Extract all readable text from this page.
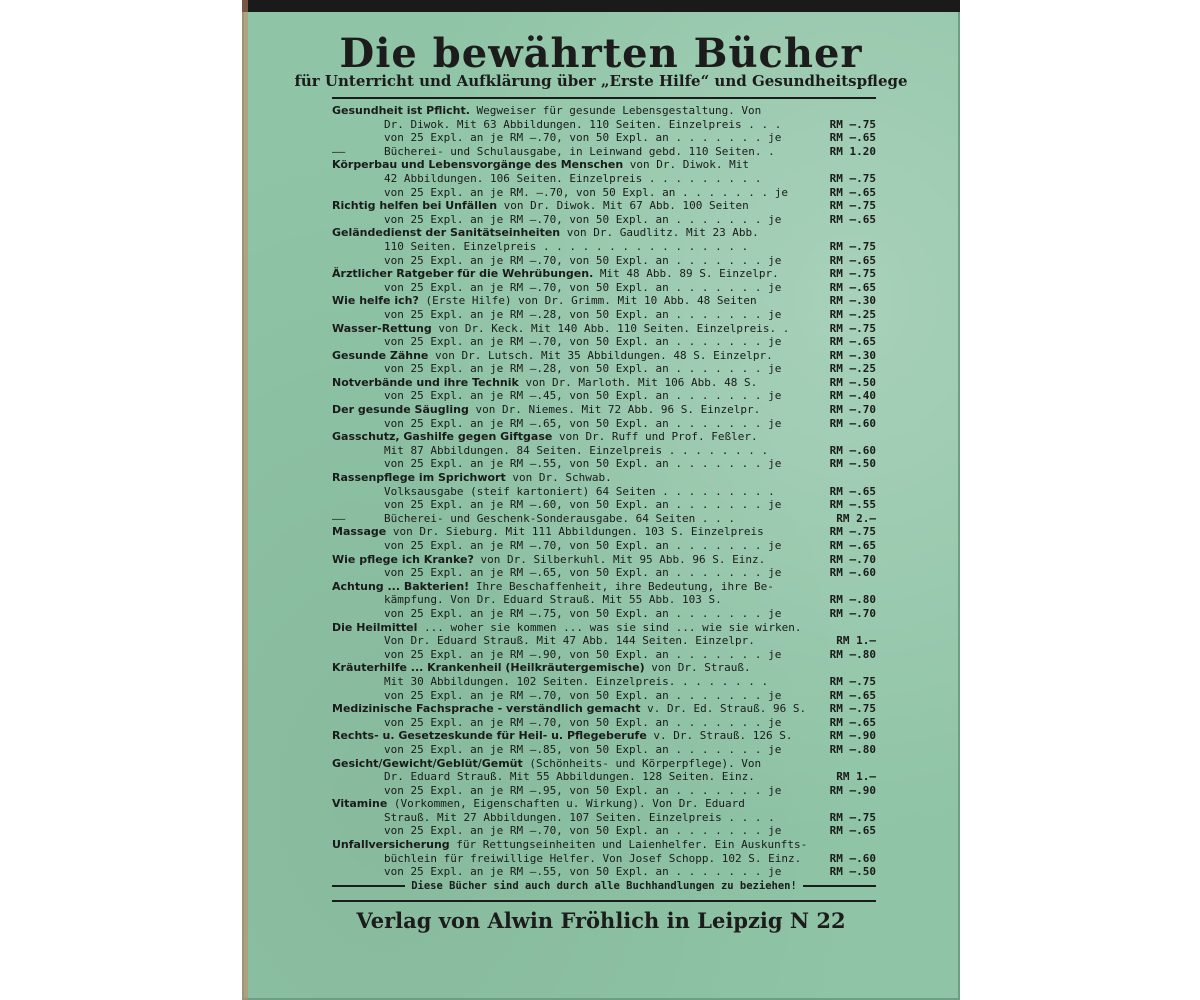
Die bewährten Bücher
für Unterricht und Aufklärung über „Erste Hilfe“ und Gesundheitspflege
Gesundheit ist Pflicht. Wegweiser für gesunde Lebensgestaltung. Von
Dr. Diwok. Mit 63 Abbildungen. 110 Seiten. Einzelpreis . . .	RM —.75
von 25 Expl. an je RM —.70, von 50 Expl. an . . . . . . . je	RM —.65
——	Bücherei- und Schulausgabe, in Leinwand gebd. 110 Seiten. .	RM 1.20
Körperbau und Lebensvorgänge des Menschen von Dr. Diwok. Mit
42 Abbildungen. 106 Seiten. Einzelpreis . . . . . . . . .	RM —.75
von 25 Expl. an je RM. —.70, von 50 Expl. an . . . . . . . je	RM —.65
Richtig helfen bei Unfällen von Dr. Diwok. Mit 67 Abb. 100 Seiten	RM —.75
von 25 Expl. an je RM —.70, von 50 Expl. an . . . . . . . je	RM —.65
Geländedienst der Sanitätseinheiten von Dr. Gaudlitz. Mit 23 Abb.
110 Seiten. Einzelpreis . . . . . . . . . . . . . . . .	RM —.75
von 25 Expl. an je RM —.70, von 50 Expl. an . . . . . . . je	RM —.65
Ärztlicher Ratgeber für die Wehrübungen. Mit 48 Abb. 89 S. Einzelpr.	RM —.75
von 25 Expl. an je RM —.70, von 50 Expl. an . . . . . . . je	RM —.65
Wie helfe ich? (Erste Hilfe) von Dr. Grimm. Mit 10 Abb. 48 Seiten	RM —.30
von 25 Expl. an je RM —.28, von 50 Expl. an . . . . . . . je	RM —.25
Wasser-Rettung von Dr. Keck. Mit 140 Abb. 110 Seiten. Einzelpreis. .	RM —.75
von 25 Expl. an je RM —.70, von 50 Expl. an . . . . . . . je	RM —.65
Gesunde Zähne von Dr. Lutsch. Mit 35 Abbildungen. 48 S. Einzelpr.	RM —.30
von 25 Expl. an je RM —.28, von 50 Expl. an . . . . . . . je	RM —.25
Notverbände und ihre Technik von Dr. Marloth. Mit 106 Abb. 48 S.	RM —.50
von 25 Expl. an je RM —.45, von 50 Expl. an . . . . . . . je	RM —.40
Der gesunde Säugling von Dr. Niemes. Mit 72 Abb. 96 S. Einzelpr.	RM —.70
von 25 Expl. an je RM —.65, von 50 Expl. an . . . . . . . je	RM —.60
Gasschutz, Gashilfe gegen Giftgase von Dr. Ruff und Prof. Feßler.
Mit 87 Abbildungen. 84 Seiten. Einzelpreis . . . . . . . .	RM —.60
von 25 Expl. an je RM —.55, von 50 Expl. an . . . . . . . je	RM —.50
Rassenpflege im Sprichwort von Dr. Schwab.
Volksausgabe (steif kartoniert) 64 Seiten . . . . . . . . .	RM —.65
von 25 Expl. an je RM —.60, von 50 Expl. an . . . . . . . je	RM —.55
——	Bücherei- und Geschenk-Sonderausgabe. 64 Seiten . . .	RM 2.—
Massage von Dr. Sieburg. Mit 111 Abbildungen. 103 S. Einzelpreis	RM —.75
von 25 Expl. an je RM —.70, von 50 Expl. an . . . . . . . je	RM —.65
Wie pflege ich Kranke? von Dr. Silberkuhl. Mit 95 Abb. 96 S. Einz.	RM —.70
von 25 Expl. an je RM —.65, von 50 Expl. an . . . . . . . je	RM —.60
Achtung ... Bakterien! Ihre Beschaffenheit, ihre Bedeutung, ihre Be-
kämpfung. Von Dr. Eduard Strauß. Mit 55 Abb. 103 S.	RM —.80
von 25 Expl. an je RM —.75, von 50 Expl. an . . . . . . . je	RM —.70
Die Heilmittel ... woher sie kommen ... was sie sind ... wie sie wirken.
Von Dr. Eduard Strauß. Mit 47 Abb. 144 Seiten. Einzelpr.	RM 1.—
von 25 Expl. an je RM —.90, von 50 Expl. an . . . . . . . je	RM —.80
Kräuterhilfe ... Krankenheil (Heilkräutergemische) von Dr. Strauß.
Mit 30 Abbildungen. 102 Seiten. Einzelpreis. . . . . . . .	RM —.75
von 25 Expl. an je RM —.70, von 50 Expl. an . . . . . . . je	RM —.65
Medizinische Fachsprache - verständlich gemacht v. Dr. Ed. Strauß. 96 S.	RM —.75
von 25 Expl. an je RM —.70, von 50 Expl. an . . . . . . . je	RM —.65
Rechts- u. Gesetzeskunde für Heil- u. Pflegeberufe v. Dr. Strauß. 126 S.	RM —.90
von 25 Expl. an je RM —.85, von 50 Expl. an . . . . . . . je	RM —.80
Gesicht/Gewicht/Geblüt/Gemüt (Schönheits- und Körperpflege). Von
Dr. Eduard Strauß. Mit 55 Abbildungen. 128 Seiten. Einz.	RM 1.—
von 25 Expl. an je RM —.95, von 50 Expl. an . . . . . . . je	RM —.90
Vitamine (Vorkommen, Eigenschaften u. Wirkung). Von Dr. Eduard
Strauß. Mit 27 Abbildungen. 107 Seiten. Einzelpreis . . . .	RM —.75
von 25 Expl. an je RM —.70, von 50 Expl. an . . . . . . . je	RM —.65
Unfallversicherung für Rettungseinheiten und Laienhelfer. Ein Auskunfts-
büchlein für freiwillige Helfer. Von Josef Schopp. 102 S. Einz.	RM —.60
von 25 Expl. an je RM —.55, von 50 Expl. an . . . . . . . je	RM —.50
Diese Bücher sind auch durch alle Buchhandlungen zu beziehen!
Verlag von Alwin Fröhlich in Leipzig N 22
